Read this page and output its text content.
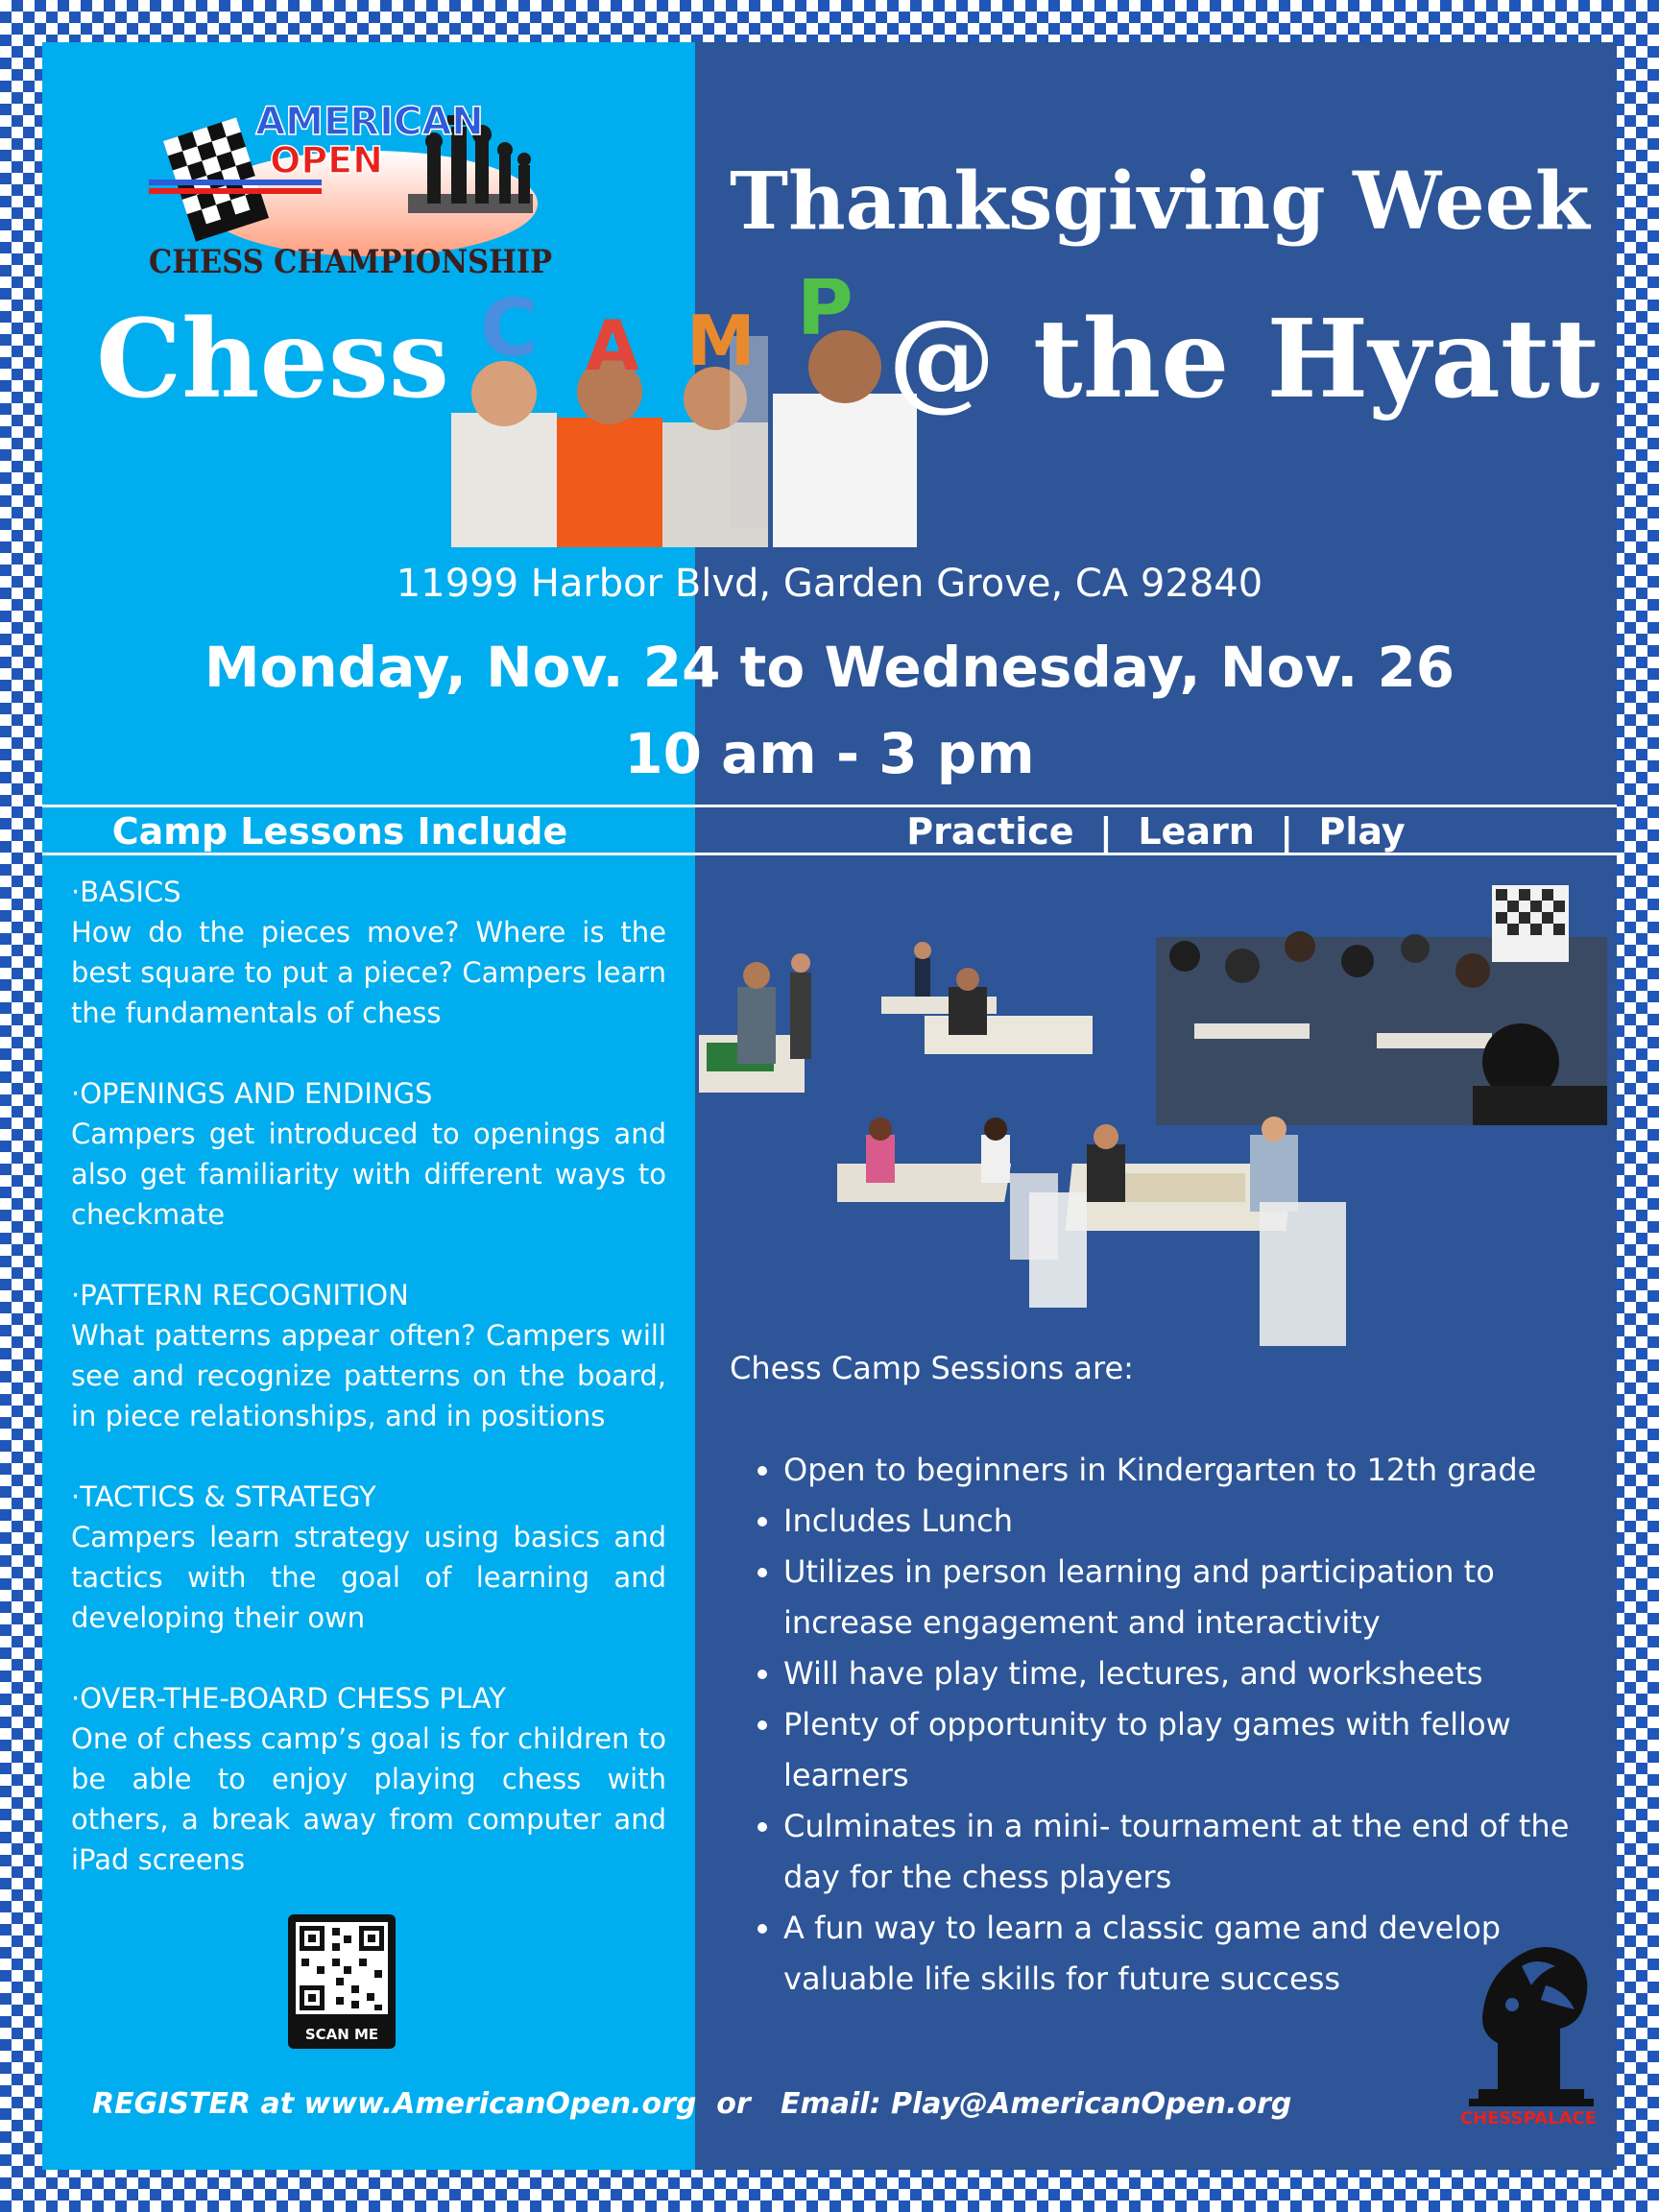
AMERICAN
OPEN
CHESS CHAMPIONSHIP
Thanksgiving Week
Chess C A M P @ the Hyatt
11999 Harbor Blvd, Garden Grove, CA 92840
Monday, Nov. 24 to Wednesday, Nov. 26
10 am - 3 pm
Camp Lessons Include	Practice  |  Learn  |  Play
·BASICS
How do the pieces move? Where is the best square to put a piece? Campers learn the fundamentals of chess
·OPENINGS AND ENDINGS
Campers get introduced to openings and also get familiarity with different ways to checkmate
·PATTERN RECOGNITION
What patterns appear often? Campers will see and recognize patterns on the board, in piece relationships, and in positions
·TACTICS & STRATEGY
Campers learn strategy using basics and tactics with the goal of learning and developing their own
·OVER-THE-BOARD CHESS PLAY
One of chess camp’s goal is for children to be able to enjoy playing chess with others, a break away from computer and iPad screens
SCAN ME
Chess Camp Sessions are:
• Open to beginners in Kindergarten to 12th grade
• Includes Lunch
• Utilizes in person learning and participation to increase engagement and interactivity
• Will have play time, lectures, and worksheets
• Plenty of opportunity to play games with fellow learners
• Culminates in a mini- tournament at the end of the day for the chess players
• A fun way to learn a classic game and develop valuable life skills for future success
REGISTER at www.AmericanOpen.org  or   Email: Play@AmericanOpen.org	CHESSPALACE
